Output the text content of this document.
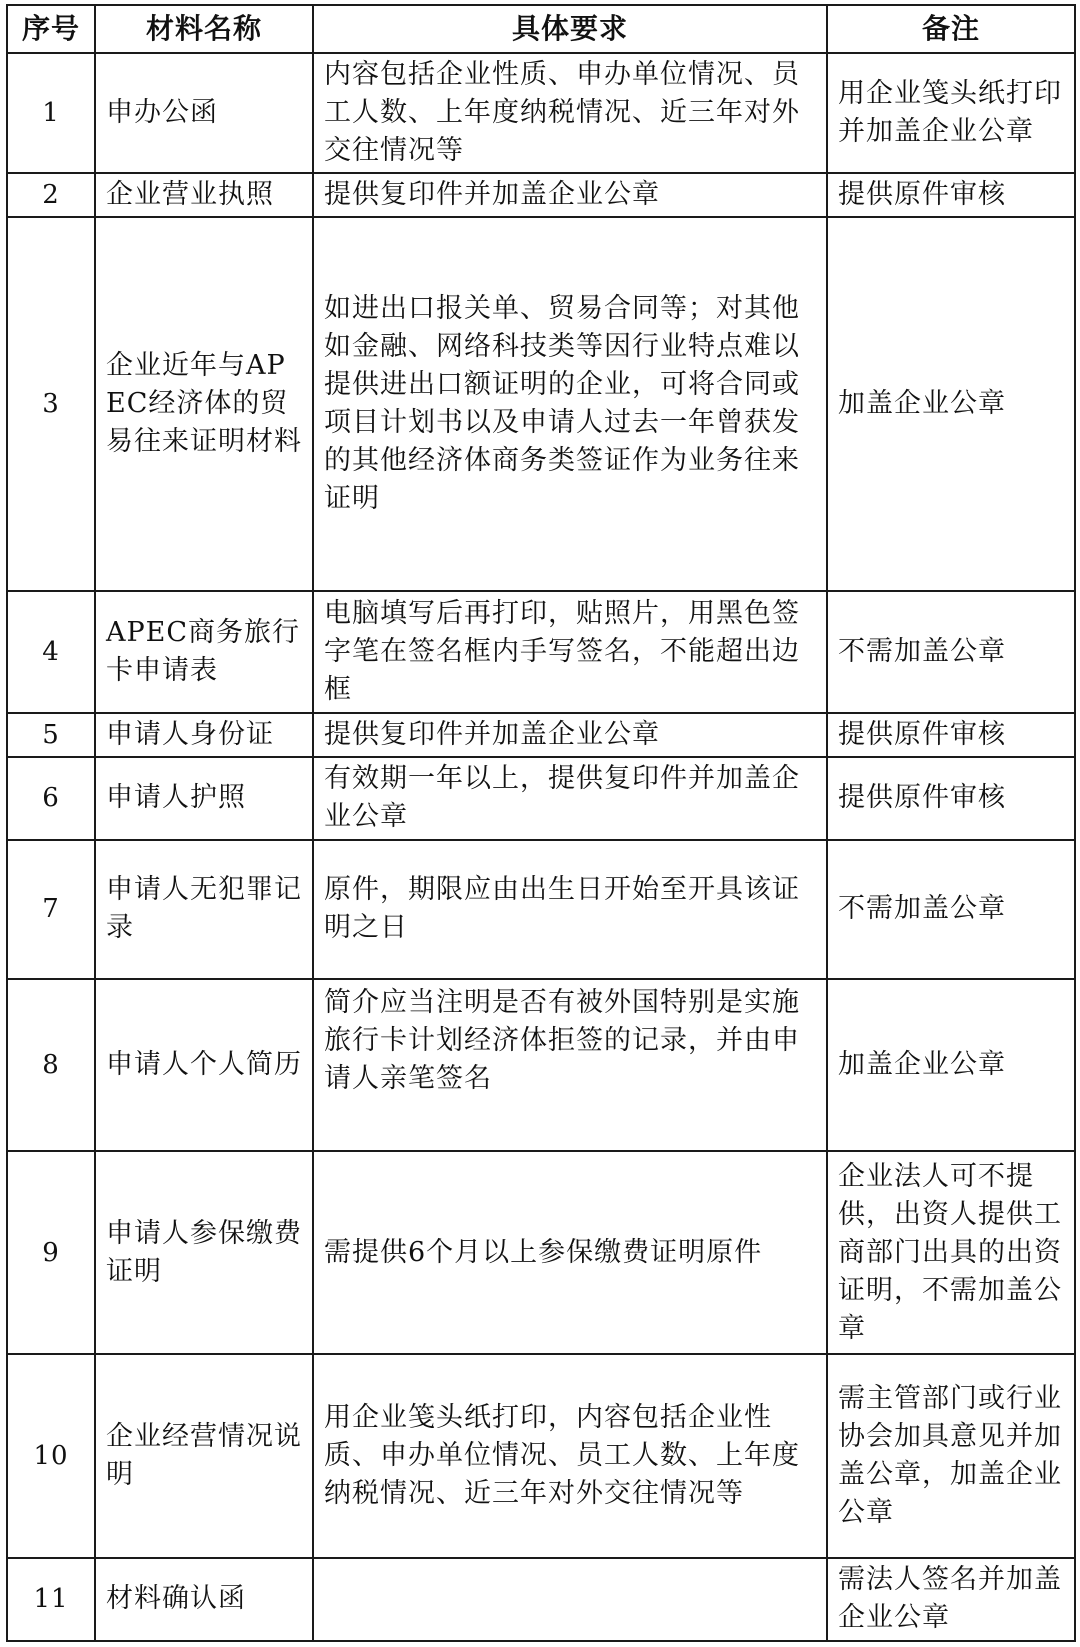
序号	材料名称	具体要求	备注
1	申办公函	内容包括企业性质、申办单位情况、员工人数、上年度纳税情况、近三年对外交往情况等	用企业笺头纸打印并加盖企业公章
2	企业营业执照	提供复印件并加盖企业公章	提供原件审核
3	企业近年与APEC经济体的贸易往来证明材料	如进出口报关单、贸易合同等；对其他如金融、网络科技类等因行业特点难以提供进出口额证明的企业，可将合同或项目计划书以及申请人过去一年曾获发的其他经济体商务类签证作为业务往来证明	加盖企业公章
4	APEC商务旅行卡申请表	电脑填写后再打印，贴照片，用黑色签字笔在签名框内手写签名，不能超出边框	不需加盖公章
5	申请人身份证	提供复印件并加盖企业公章	提供原件审核
6	申请人护照	有效期一年以上，提供复印件并加盖企业公章	提供原件审核
7	申请人无犯罪记录	原件，期限应由出生日开始至开具该证明之日	不需加盖公章
8	申请人个人简历	简介应当注明是否有被外国特别是实施旅行卡计划经济体拒签的记录，并由申请人亲笔签名	加盖企业公章
9	申请人参保缴费证明	需提供6个月以上参保缴费证明原件	企业法人可不提供，出资人提供工商部门出具的出资证明，不需加盖公章
10	企业经营情况说明	用企业笺头纸打印，内容包括企业性质、申办单位情况、员工人数、上年度纳税情况、近三年对外交往情况等	需主管部门或行业协会加具意见并加盖公章，加盖企业公章
11	材料确认函		需法人签名并加盖企业公章
